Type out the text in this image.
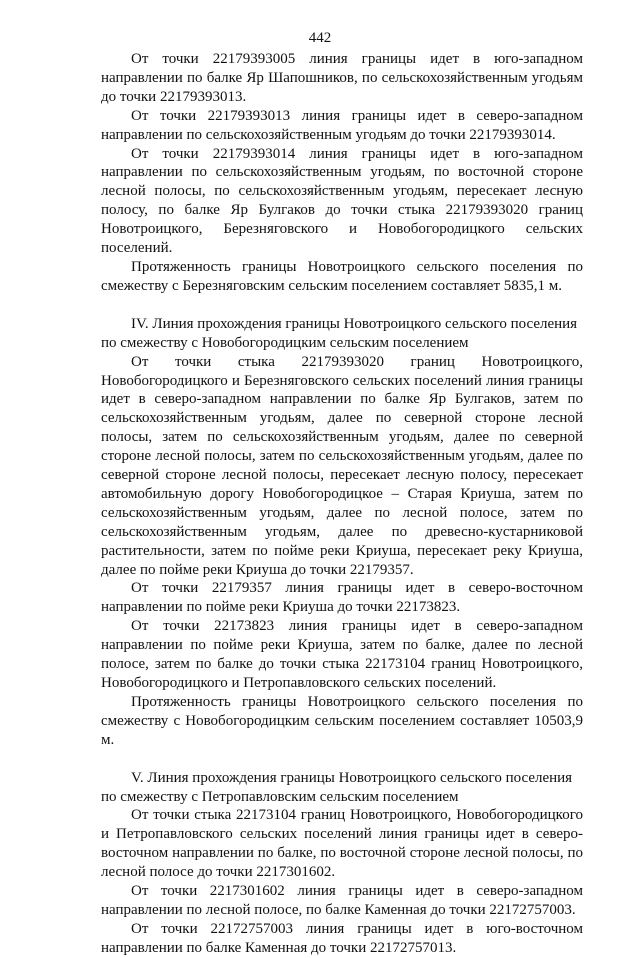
442

От точки 22179393005 линия границы идет в юго-западном направлении по балке Яр Шапошников, по сельскохозяйственным угодьям до точки 22179393013.

От точки 22179393013 линия границы идет в северо-западном направлении по сельскохозяйственным угодьям до точки 22179393014.

От точки 22179393014 линия границы идет в юго-западном направлении по сельскохозяйственным угодьям, по восточной стороне лесной полосы, по сельскохозяйственным угодьям, пересекает лесную полосу, по балке Яр Булгаков до точки стыка 22179393020 границ Новотроицкого, Березняговского и Новобогородицкого сельских поселений.

Протяженность границы Новотроицкого сельского поселения по смежеству с Березняговским сельским поселением составляет 5835,1 м.

IV. Линия прохождения границы Новотроицкого сельского поселения по смежеству с Новобогородицким сельским поселением

От точки стыка 22179393020 границ Новотроицкого, Новобогородицкого и Березняговского сельских поселений линия границы идет в северо-западном направлении по балке Яр Булгаков, затем по сельскохозяйственным угодьям, далее по северной стороне лесной полосы, затем по сельскохозяйственным угодьям, далее по северной стороне лесной полосы, затем по сельскохозяйственным угодьям, далее по северной стороне лесной полосы, пересекает лесную полосу, пересекает автомобильную дорогу Новобогородицкое – Старая Криуша, затем по сельскохозяйственным угодьям, далее по лесной полосе, затем по сельскохозяйственным угодьям, далее по древесно-кустарниковой растительности, затем по пойме реки Криуша, пересекает реку Криуша, далее по пойме реки Криуша до точки 22179357.

От точки 22179357 линия границы идет в северо-восточном направлении по пойме реки Криуша до точки 22173823.

От точки 22173823 линия границы идет в северо-западном направлении по пойме реки Криуша, затем по балке, далее по лесной полосе, затем по балке до точки стыка 22173104 границ Новотроицкого, Новобогородицкого и Петропавловского сельских поселений.

Протяженность границы Новотроицкого сельского поселения по смежеству с Новобогородицким сельским поселением составляет 10503,9 м.

V. Линия прохождения границы Новотроицкого сельского поселения по смежеству с Петропавловским сельским поселением

От точки стыка 22173104 границ Новотроицкого, Новобогородицкого и Петропавловского сельских поселений линия границы идет в северо-восточном направлении по балке, по восточной стороне лесной полосы, по лесной полосе до точки 2217301602.

От точки 2217301602 линия границы идет в северо-западном направлении по лесной полосе, по балке Каменная до точки 22172757003.

От точки 22172757003 линия границы идет в юго-восточном направлении по балке Каменная до точки 22172757013.
